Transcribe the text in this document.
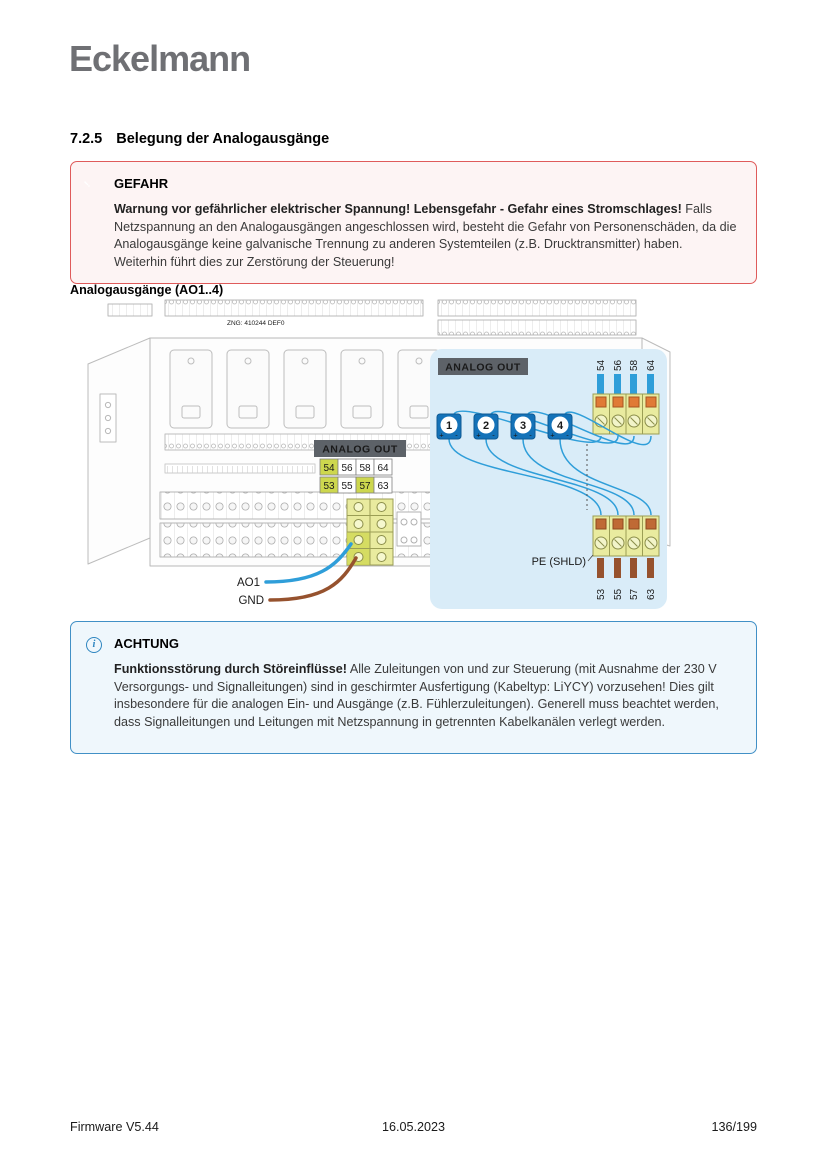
Eckelmann
7.2.5 Belegung der Analogausgänge
! GEFAHR
Warnung vor gefährlicher elektrischer Spannung! Lebensgefahr - Gefahr eines Stromschlages! Falls Netzspannung an den Analogausgängen angeschlossen wird, besteht die Gefahr von Personenschäden, da die Analogausgänge keine galvanische Trennung zu anderen Systemteilen (z.B. Drucktransmitter) haben. Weiterhin führt dies zur Zerstörung der Steuerung!
Analogausgänge (AO1..4)
ZNG: 410244 DEF0
ANALOG OUT
54 56 58 64
53 55 57 63
AO1
GND
ANALOG OUT	54 56 58 64
53 55 57 63
1
+ -
2
+ -
3
+ -
4
+ -
PE (SHLD)
i	ACHTUNG
Funktionsstörung durch Störeinflüsse! Alle Zuleitungen von und zur Steuerung (mit Ausnahme der 230 V Versorgungs- und Signalleitungen) sind in geschirmter Ausfertigung (Kabeltyp: LiYCY) vorzusehen! Dies gilt insbesondere für die analogen Ein- und Ausgänge (z.B. Fühlerzuleitungen). Generell muss beachtet werden, dass Signalleitungen und Leitungen mit Netzspannung in getrennten Kabelkanälen verlegt werden.
Firmware V5.44	16.05.2023	136/199
